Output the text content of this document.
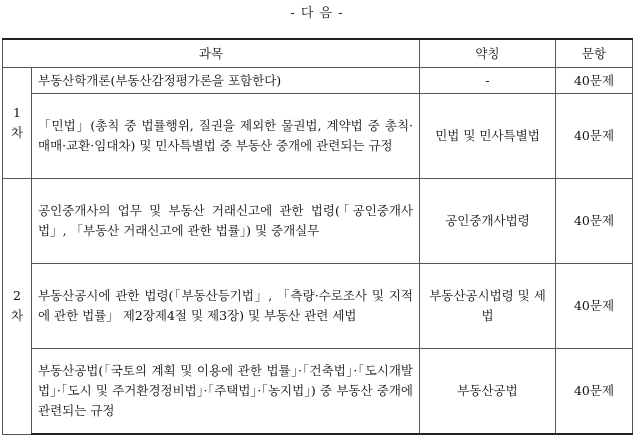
- 다 음 -
과목		약칭	문항
1차	부동산학개론(부동산감정평가론을 포함한다)	-	40문제
	「민법」(총칙 중 법률행위, 질권을 제외한 물권법, 계약법 중 총칙·매매·교환·임대차) 및 민사특별법 중 부동산 중개에 관련되는 규정	민법 및 민사특별법	40문제
2차	공인중개사의 업무 및 부동산 거래신고에 관한 법령(「공인중개사법」, 「부동산 거래신고에 관한 법률」) 및 중개실무	공인중개사법령	40문제
	부동산공시에 관한 법령(「부동산등기법」, 「측량·수로조사 및 지적에 관한 법률」 제2장제4절 및 제3장) 및 부동산 관련 세법	부동산공시법령 및 세법	40문제
	부동산공법(「국토의 계획 및 이용에 관한 법률」·「건축법」·「도시개발법」·「도시 및 주거환경정비법」·「주택법」·「농지법」) 중 부동산 중개에 관련되는 규정	부동산공법	40문제
